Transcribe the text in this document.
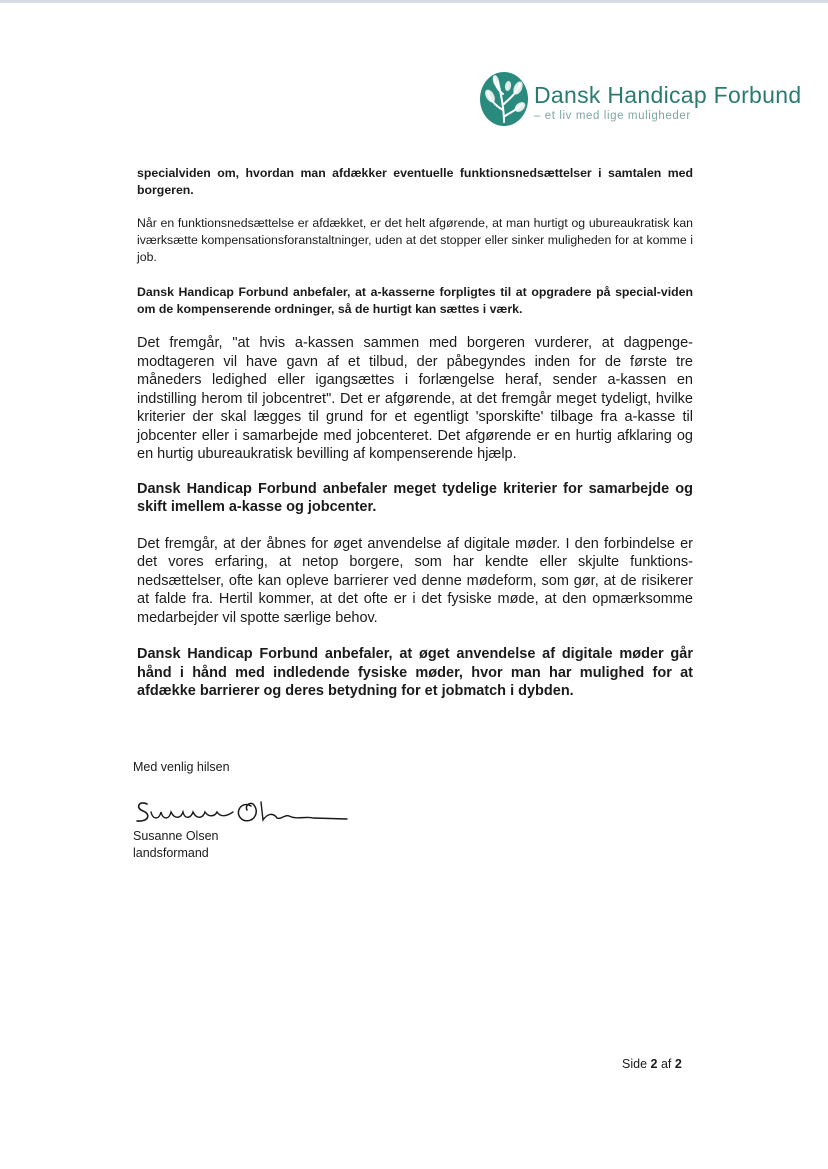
Dansk Handicap Forbund
– et liv med lige muligheder

specialviden om, hvordan man afdækker eventuelle funktionsnedsættelser i samtalen med borgeren.

Når en funktionsnedsættelse er afdækket, er det helt afgørende, at man hurtigt og ubureaukratisk kan iværksætte kompensationsforanstaltninger, uden at det stopper eller sinker muligheden for at komme i job.

Dansk Handicap Forbund anbefaler, at a-kasserne forpligtes til at opgradere på special-viden om de kompenserende ordninger, så de hurtigt kan sættes i værk.

Det fremgår, "at hvis a-kassen sammen med borgeren vurderer, at dagpenge-modtageren vil have gavn af et tilbud, der påbegyndes inden for de første tre måneders ledighed eller igangsættes i forlængelse heraf, sender a-kassen en indstilling herom til jobcentret". Det er afgørende, at det fremgår meget tydeligt, hvilke kriterier der skal lægges til grund for et egentligt 'sporskifte' tilbage fra a-kasse til jobcenter eller i samarbejde med jobcenteret. Det afgørende er en hurtig afklaring og en hurtig ubureaukratisk bevilling af kompenserende hjælp.

Dansk Handicap Forbund anbefaler meget tydelige kriterier for samarbejde og skift imellem a-kasse og jobcenter.

Det fremgår, at der åbnes for øget anvendelse af digitale møder. I den forbindelse er det vores erfaring, at netop borgere, som har kendte eller skjulte funktions-nedsættelser, ofte kan opleve barrierer ved denne mødeform, som gør, at de risikerer at falde fra. Hertil kommer, at det ofte er i det fysiske møde, at den opmærksomme medarbejder vil spotte særlige behov.

Dansk Handicap Forbund anbefaler, at øget anvendelse af digitale møder går hånd i hånd med indledende fysiske møder, hvor man har mulighed for at afdække barrierer og deres betydning for et jobmatch i dybden.

Med venlig hilsen
Susanne Olsen
landsformand
Side 2 af 2
